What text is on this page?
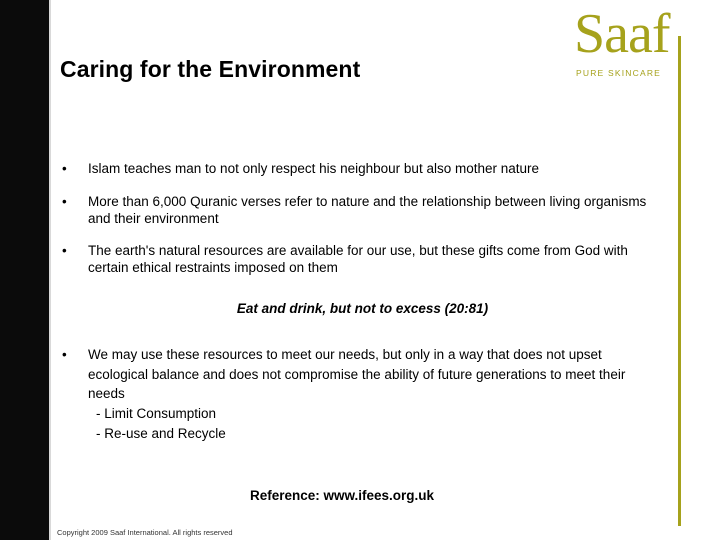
Caring for the Environment
Saaf
PURE SKINCARE
• Islam teaches man to not only respect his neighbour but also mother nature
• More than 6,000 Quranic verses refer to nature and the relationship between living organisms and their environment
• The earth's natural resources are available for our use, but these gifts come from God with certain ethical restraints imposed on them
Eat and drink, but not to excess (20:81)
• We may use these resources to meet our needs, but only in a way that does not upset ecological balance and does not compromise the ability of future generations to meet their needs
- Limit Consumption
- Re-use and Recycle
Reference: www.ifees.org.uk
Copyright 2009 Saaf International. All rights reserved
